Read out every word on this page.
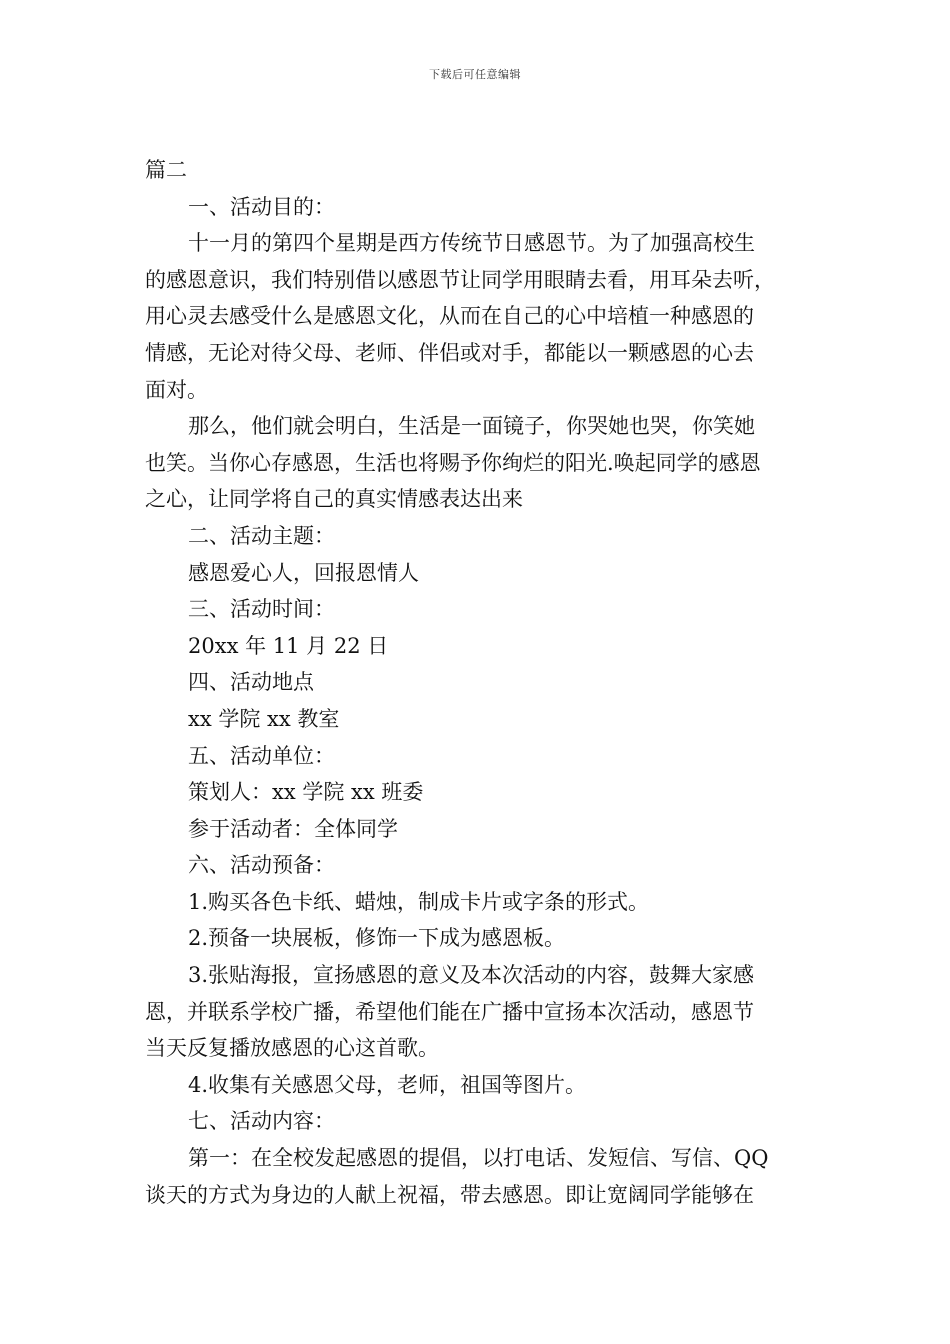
下载后可任意编辑

篇二

一、活动目的：

十一月的第四个星期是西方传统节日感恩节。为了加强高校生

的感恩意识，我们特别借以感恩节让同学用眼睛去看，用耳朵去听，

用心灵去感受什么是感恩文化，从而在自己的心中培植一种感恩的

情感，无论对待父母、老师、伴侣或对手，都能以一颗感恩的心去

面对。

那么，他们就会明白，生活是一面镜子，你哭她也哭，你笑她

也笑。当你心存感恩，生活也将赐予你绚烂的阳光.唤起同学的感恩

之心，让同学将自己的真实情感表达出来

二、活动主题：

感恩爱心人，回报恩情人

三、活动时间：

20xx 年 11 月 22 日

四、活动地点

xx 学院 xx 教室

五、活动单位：

策划人：xx 学院 xx 班委

参于活动者：全体同学

六、活动预备：

1.购买各色卡纸、蜡烛，制成卡片或字条的形式。

2.预备一块展板，修饰一下成为感恩板。

3.张贴海报，宣扬感恩的意义及本次活动的内容，鼓舞大家感

恩，并联系学校广播，希望他们能在广播中宣扬本次活动，感恩节

当天反复播放感恩的心这首歌。

4.收集有关感恩父母，老师，祖国等图片。

七、活动内容：

第一：在全校发起感恩的提倡，以打电话、发短信、写信、QQ

谈天的方式为身边的人献上祝福，带去感恩。即让宽阔同学能够在
